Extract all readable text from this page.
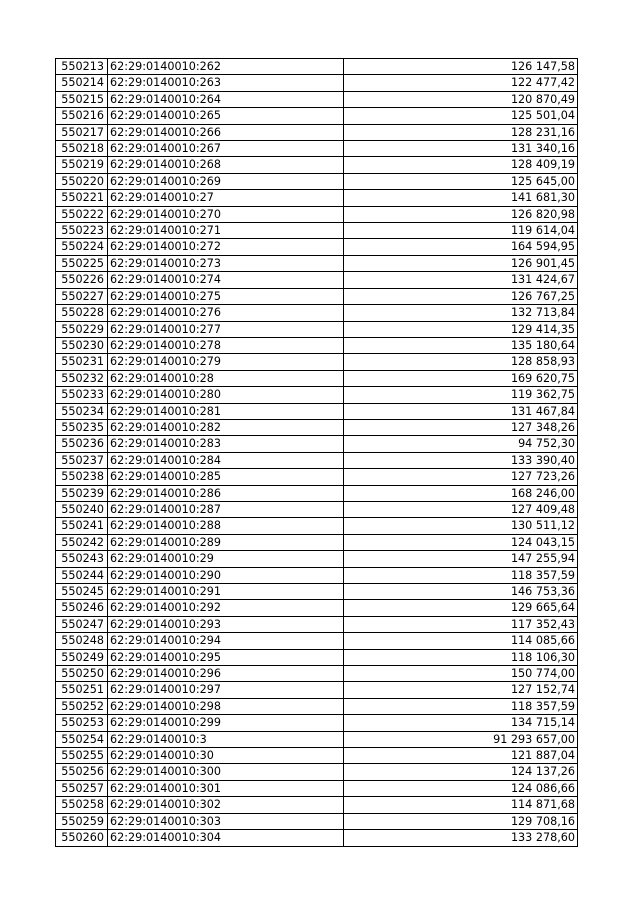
550213	62:29:0140010:262	126 147,58
550214	62:29:0140010:263	122 477,42
550215	62:29:0140010:264	120 870,49
550216	62:29:0140010:265	125 501,04
550217	62:29:0140010:266	128 231,16
550218	62:29:0140010:267	131 340,16
550219	62:29:0140010:268	128 409,19
550220	62:29:0140010:269	125 645,00
550221	62:29:0140010:27	141 681,30
550222	62:29:0140010:270	126 820,98
550223	62:29:0140010:271	119 614,04
550224	62:29:0140010:272	164 594,95
550225	62:29:0140010:273	126 901,45
550226	62:29:0140010:274	131 424,67
550227	62:29:0140010:275	126 767,25
550228	62:29:0140010:276	132 713,84
550229	62:29:0140010:277	129 414,35
550230	62:29:0140010:278	135 180,64
550231	62:29:0140010:279	128 858,93
550232	62:29:0140010:28	169 620,75
550233	62:29:0140010:280	119 362,75
550234	62:29:0140010:281	131 467,84
550235	62:29:0140010:282	127 348,26
550236	62:29:0140010:283	94 752,30
550237	62:29:0140010:284	133 390,40
550238	62:29:0140010:285	127 723,26
550239	62:29:0140010:286	168 246,00
550240	62:29:0140010:287	127 409,48
550241	62:29:0140010:288	130 511,12
550242	62:29:0140010:289	124 043,15
550243	62:29:0140010:29	147 255,94
550244	62:29:0140010:290	118 357,59
550245	62:29:0140010:291	146 753,36
550246	62:29:0140010:292	129 665,64
550247	62:29:0140010:293	117 352,43
550248	62:29:0140010:294	114 085,66
550249	62:29:0140010:295	118 106,30
550250	62:29:0140010:296	150 774,00
550251	62:29:0140010:297	127 152,74
550252	62:29:0140010:298	118 357,59
550253	62:29:0140010:299	134 715,14
550254	62:29:0140010:3	91 293 657,00
550255	62:29:0140010:30	121 887,04
550256	62:29:0140010:300	124 137,26
550257	62:29:0140010:301	124 086,66
550258	62:29:0140010:302	114 871,68
550259	62:29:0140010:303	129 708,16
550260	62:29:0140010:304	133 278,60
